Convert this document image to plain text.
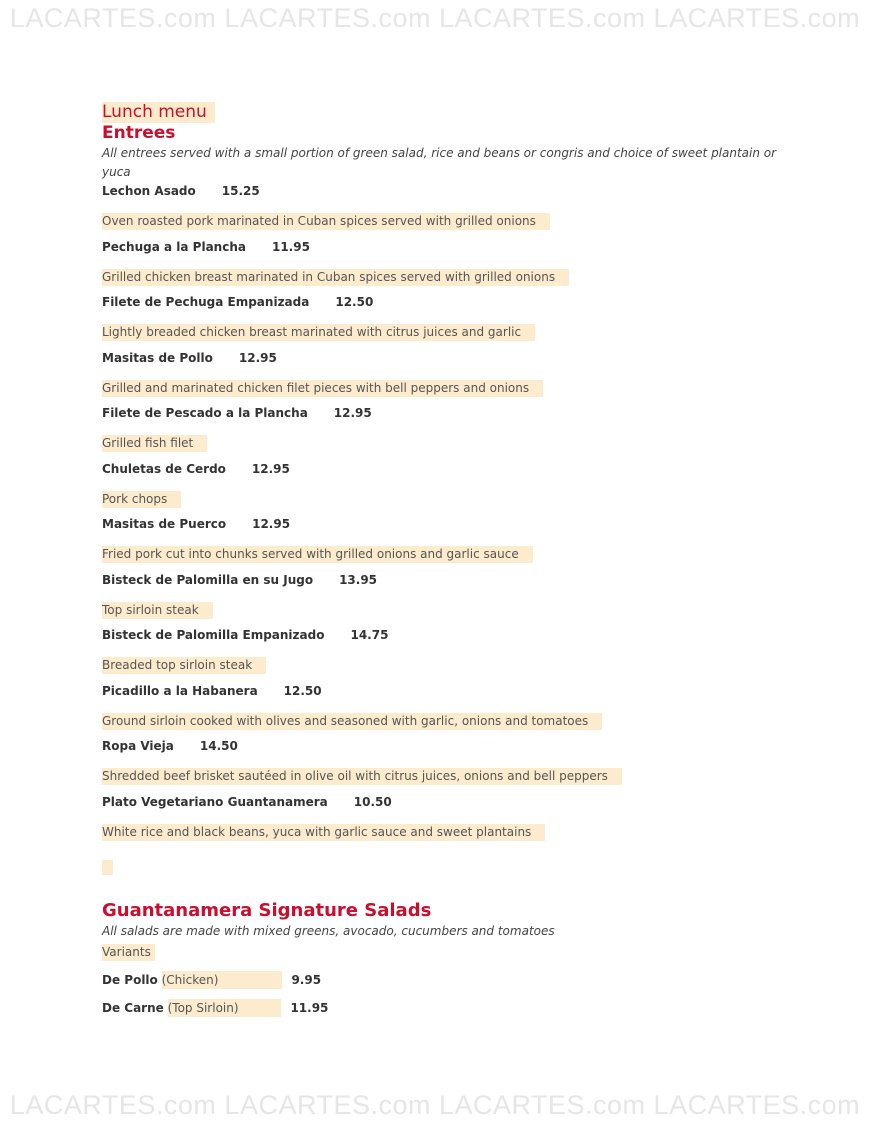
LACARTES.com LACARTES.com LACARTES.com LACARTES.com
Lunch menu
Entrees
All entrees served with a small portion of green salad, rice and beans or congris and choice of sweet plantain or yuca
Lechon Asado 15.25
Oven roasted pork marinated in Cuban spices served with grilled onions
Pechuga a la Plancha 11.95
Grilled chicken breast marinated in Cuban spices served with grilled onions
Filete de Pechuga Empanizada 12.50
Lightly breaded chicken breast marinated with citrus juices and garlic
Masitas de Pollo 12.95
Grilled and marinated chicken filet pieces with bell peppers and onions
Filete de Pescado a la Plancha 12.95
Grilled fish filet
Chuletas de Cerdo 12.95
Pork chops
Masitas de Puerco 12.95
Fried pork cut into chunks served with grilled onions and garlic sauce
Bisteck de Palomilla en su Jugo 13.95
Top sirloin steak
Bisteck de Palomilla Empanizado 14.75
Breaded top sirloin steak
Picadillo a la Habanera 12.50
Ground sirloin cooked with olives and seasoned with garlic, onions and tomatoes
Ropa Vieja 14.50
Shredded beef brisket sautéed in olive oil with citrus juices, onions and bell peppers
Plato Vegetariano Guantanamera 10.50
White rice and black beans, yuca with garlic sauce and sweet plantains
Guantanamera Signature Salads
All salads are made with mixed greens, avocado, cucumbers and tomatoes
Variants
De Pollo (Chicken)	9.95
De Carne (Top Sirloin)	11.95
LACARTES.com LACARTES.com LACARTES.com LACARTES.com
